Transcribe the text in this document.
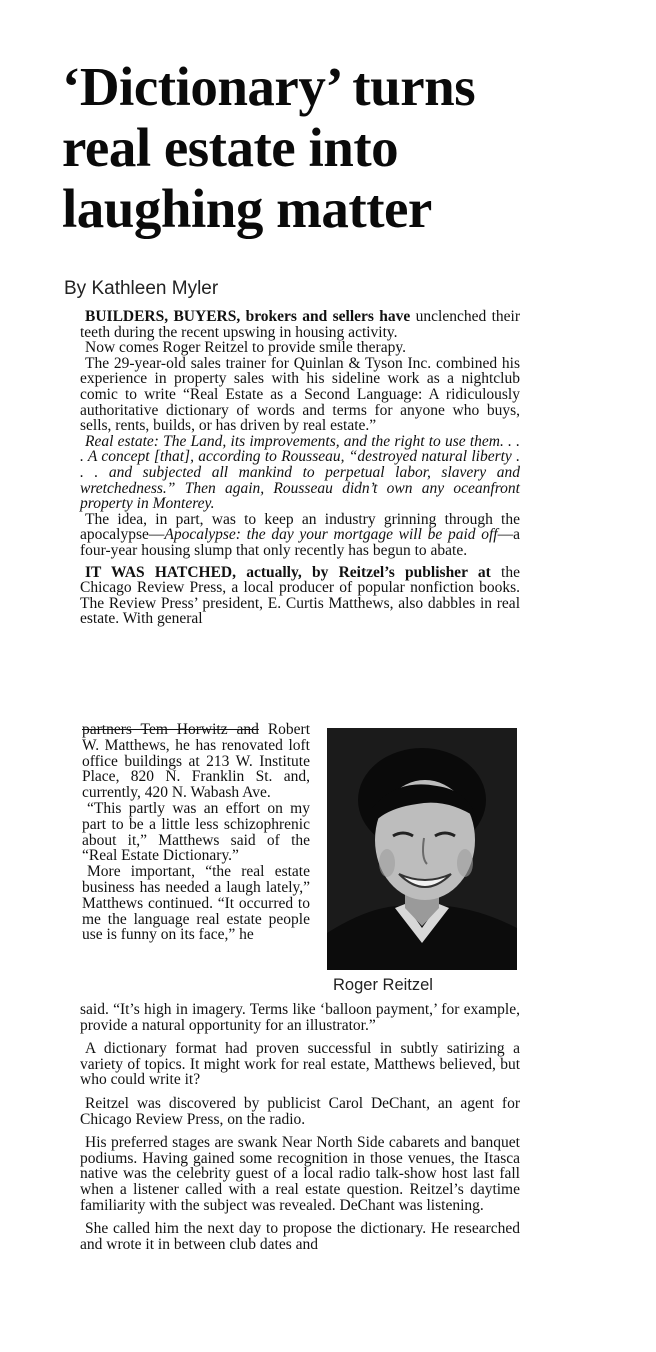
‘Dictionary’ turns
real estate into
laughing matter
By Kathleen Myler

BUILDERS, BUYERS, brokers and sellers have unclenched their teeth during the recent upswing in housing activity.

Now comes Roger Reitzel to provide smile therapy.

The 29-year-old sales trainer for Quinlan & Tyson Inc. combined his experience in property sales with his sideline work as a nightclub comic to write “Real Estate as a Second Language: A ridiculously authoritative dictionary of words and terms for anyone who buys, sells, rents, builds, or has driven by real estate.”

Real estate: The Land, its improvements, and the right to use them. . . . A concept [that], according to Rousseau, “destroyed natural liberty . . . and subjected all mankind to perpetual labor, slavery and wretchedness.” Then again, Rousseau didn’t own any oceanfront property in Monterey.

The idea, in part, was to keep an industry grinning through the apocalypse—Apocalypse: the day your mortgage will be paid off—a four-year housing slump that only recently has begun to abate.

IT WAS HATCHED, actually, by Reitzel’s publisher at the Chicago Review Press, a local producer of popular nonfiction books. The Review Press’ president, E. Curtis Matthews, also dabbles in real estate. With general

partners Tem Horwitz and Robert W. Matthews, he has renovated loft office buildings at 213 W. Institute Place, 820 N. Franklin St. and, currently, 420 N. Wabash Ave.

“This partly was an effort on my part to be a little less schizophrenic about it,” Matthews said of the “Real Estate Dictionary.”

More important, “the real estate business has needed a laugh lately,” Matthews continued. “It occurred to me the language real estate people use is funny on its face,” he

Roger Reitzel

said. “It’s high in imagery. Terms like ‘balloon payment,’ for example, provide a natural opportunity for an illustrator.”

A dictionary format had proven successful in subtly satirizing a variety of topics. It might work for real estate, Matthews believed, but who could write it?

Reitzel was discovered by publicist Carol DeChant, an agent for Chicago Review Press, on the radio.

His preferred stages are swank Near North Side cabarets and banquet podiums. Having gained some recognition in those venues, the Itasca native was the celebrity guest of a local radio talk-show host last fall when a listener called with a real estate question. Reitzel’s daytime familiarity with the subject was revealed. DeChant was listening.

She called him the next day to propose the dictionary. He researched and wrote it in between club dates and
